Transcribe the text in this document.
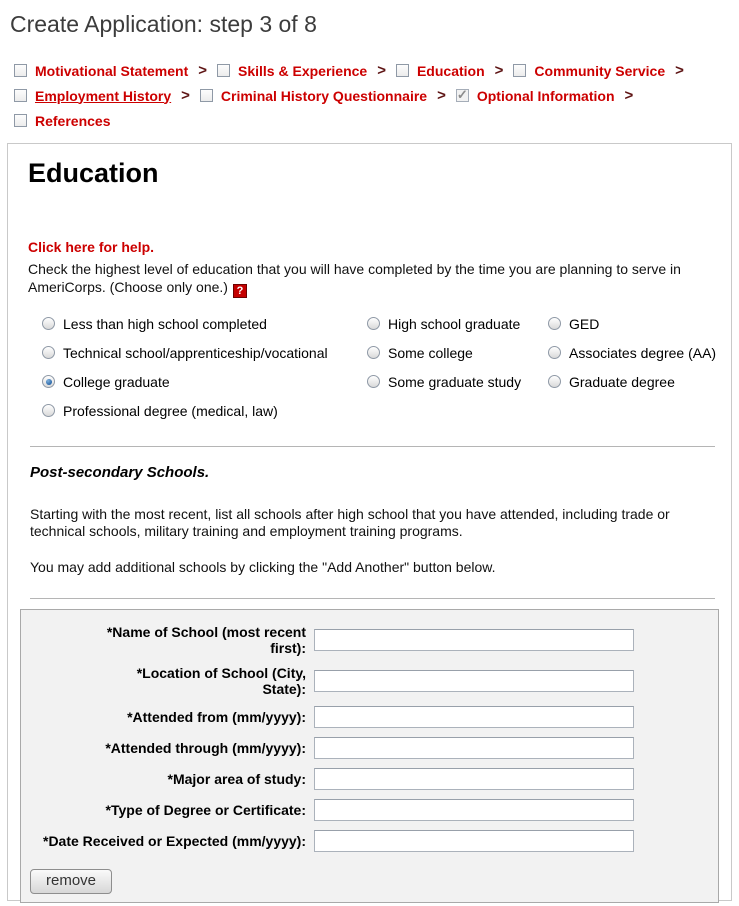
Create Application: step 3 of 8
Motivational Statement > Skills & Experience > Education > Community Service >
Employment History > Criminal History Questionnaire > ✓ Optional Information >
References
Education
Click here for help.
Check the highest level of education that you will have completed by the time you are planning to serve in AmeriCorps. (Choose only one.) ?
Less than high school completed	High school graduate	GED
Technical school/apprenticeship/vocational	Some college	Associates degree (AA)
College graduate	Some graduate study	Graduate degree
Professional degree (medical, law)
Post-secondary Schools.
Starting with the most recent, list all schools after high school that you have attended, including trade or technical schools, military training and employment training programs.
You may add additional schools by clicking the "Add Another" button below.
*Name of School (most recent
first):
*Location of School (City,
State):
*Attended from (mm/yyyy):
*Attended through (mm/yyyy):
*Major area of study:
*Type of Degree or Certificate:
*Date Received or Expected (mm/yyyy):
remove
